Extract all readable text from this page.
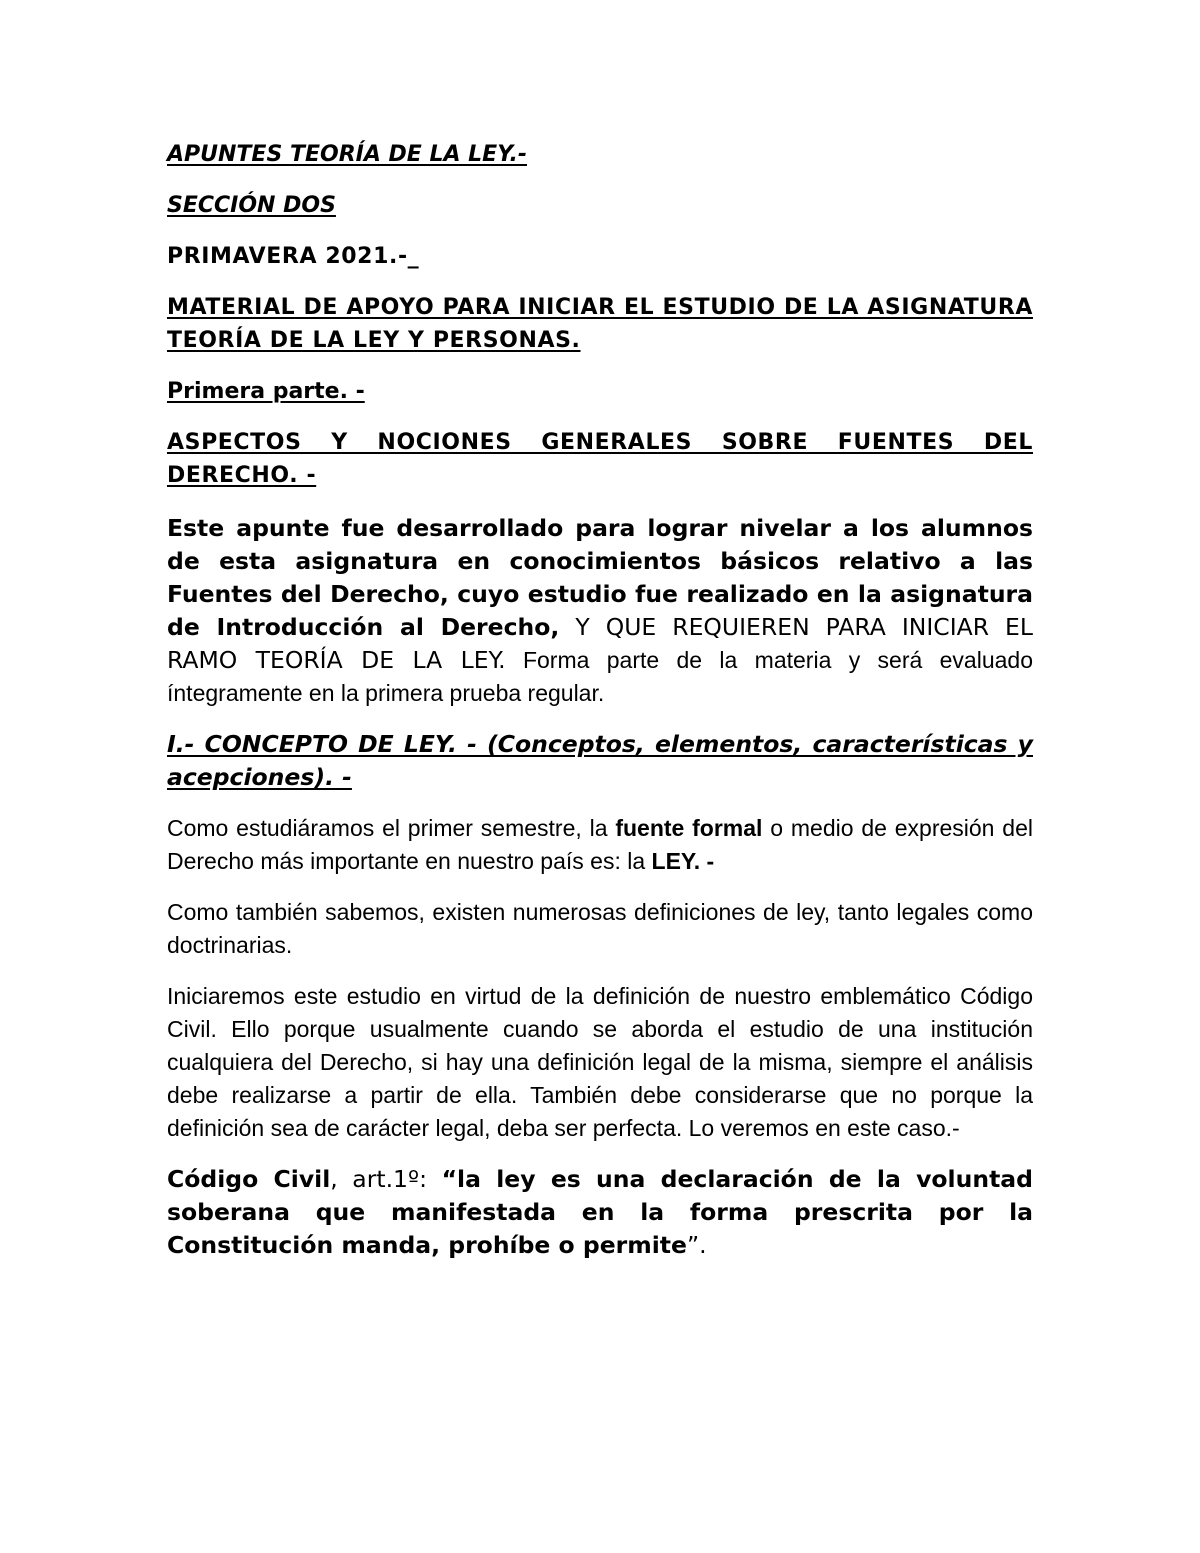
APUNTES TEORÍA DE LA LEY.-

SECCIÓN DOS

PRIMAVERA 2021.-_

MATERIAL DE APOYO PARA INICIAR EL ESTUDIO DE LA ASIGNATURA TEORÍA DE LA LEY Y PERSONAS.

Primera parte. -

ASPECTOS Y NOCIONES GENERALES SOBRE FUENTES DEL DERECHO. -

Este apunte fue desarrollado para lograr nivelar a los alumnos de esta asignatura en conocimientos básicos relativo a las Fuentes del Derecho, cuyo estudio fue realizado en la asignatura de Introducción al Derecho, Y QUE REQUIEREN PARA INICIAR EL RAMO TEORÍA DE LA LEY. Forma parte de la materia y será evaluado íntegramente en la primera prueba regular.

I.- CONCEPTO DE LEY. - (Conceptos, elementos, características y acepciones). -

Como estudiáramos el primer semestre, la fuente formal o medio de expresión del Derecho más importante en nuestro país es: la LEY. -

Como también sabemos, existen numerosas definiciones de ley, tanto legales como doctrinarias.

Iniciaremos este estudio en virtud de la definición de nuestro emblemático Código Civil. Ello porque usualmente cuando se aborda el estudio de una institución cualquiera del Derecho, si hay una definición legal de la misma, siempre el análisis debe realizarse a partir de ella. También debe considerarse que no porque la definición sea de carácter legal, deba ser perfecta. Lo veremos en este caso.-

Código Civil, art.1º: “la ley es una declaración de la voluntad soberana que manifestada en la forma prescrita por la Constitución manda, prohíbe o permite”.
